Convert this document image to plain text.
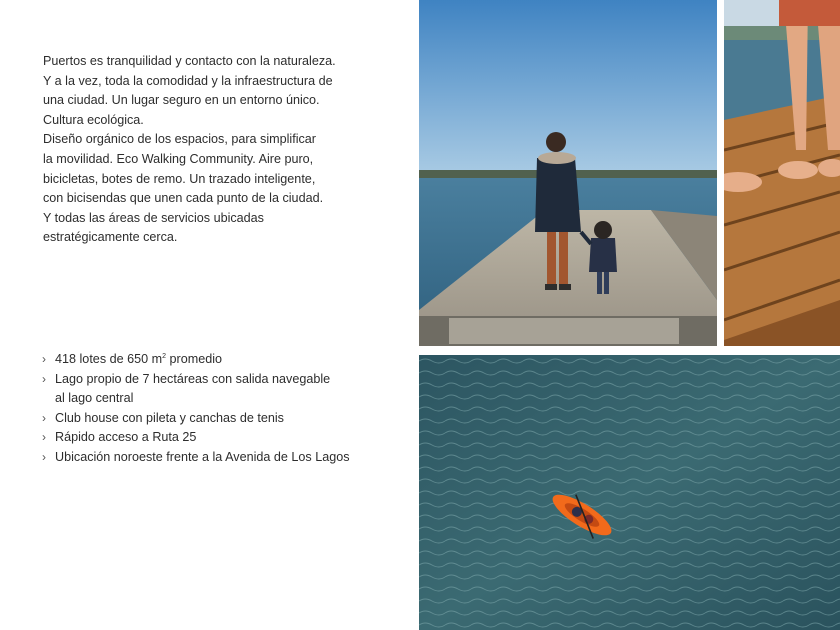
Puertos es tranquilidad y contacto con la naturaleza.

Y a la vez, toda la comodidad y la infraestructura de

una ciudad. Un lugar seguro en un entorno único.

Cultura ecológica.

Diseño orgánico de los espacios, para simplificar

la movilidad. Eco Walking Community. Aire puro,

bicicletas, botes de remo. Un trazado inteligente,

con bicisendas que unen cada punto de la ciudad.

Y todas las áreas de servicios ubicadas

estratégicamente cerca.

› 418 lotes de 650 $m^2$ promedio
› Lago propio de 7 hectáreas con salida navegable
al lago central
› Club house con pileta y canchas de tenis
› Rápido acceso a Ruta 25
› Ubicación noroeste frente a la Avenida de Los Lagos
